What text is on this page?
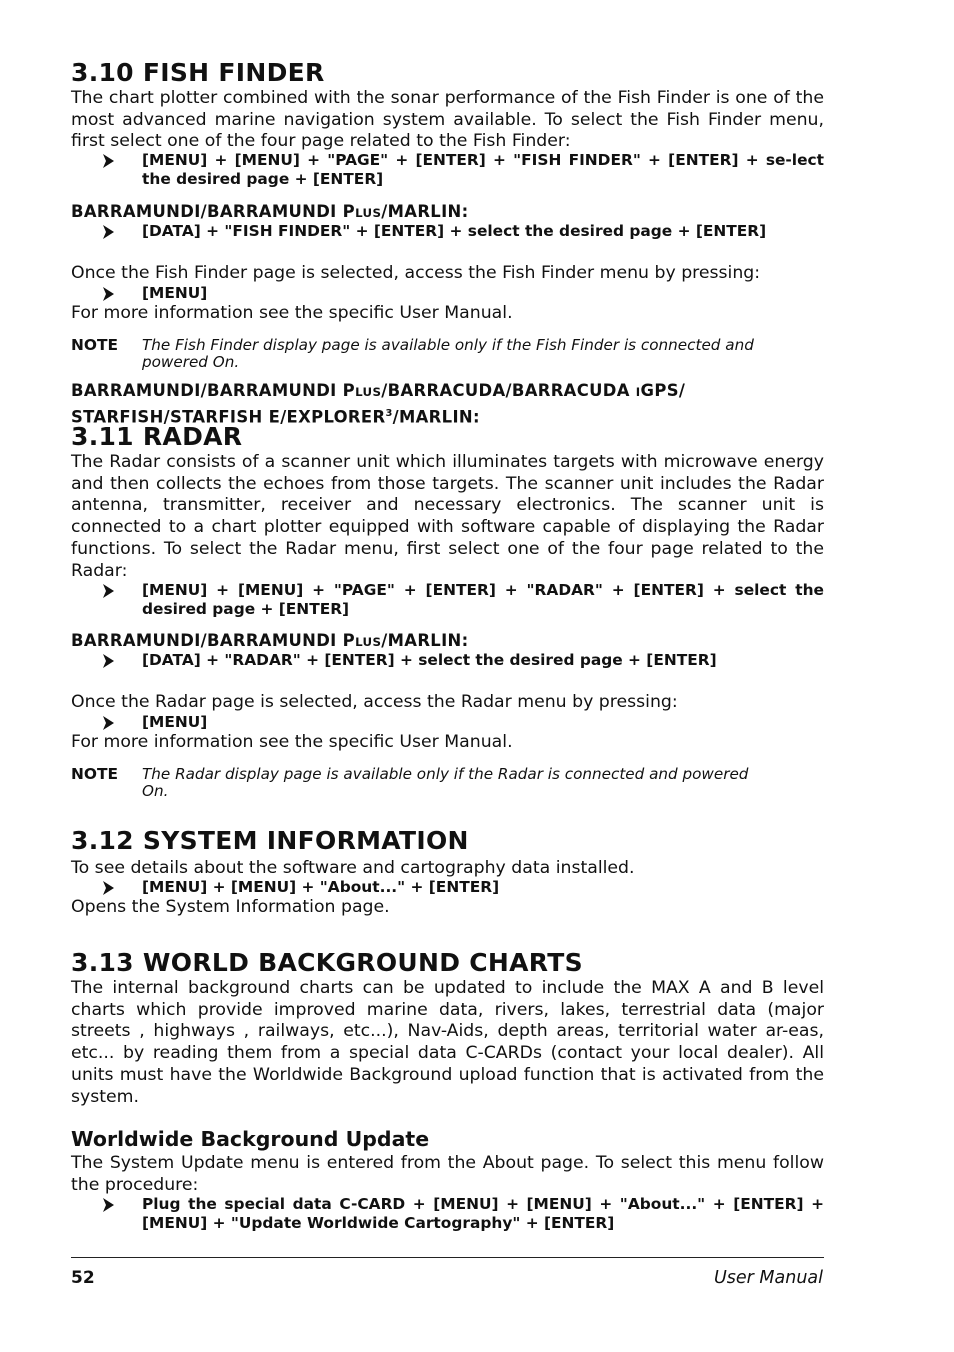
3.10 FISH FINDER
The chart plotter combined with the sonar performance of the Fish Finder is one of the most advanced marine navigation system available. To select the Fish Finder menu, first select one of the four page related to the Fish Finder:
[MENU] + [MENU] + "PAGE" + [ENTER] + "FISH FINDER" + [ENTER] + se-lect the desired page + [ENTER]
BARRAMUNDI/BARRAMUNDI PLUS/MARLIN:
[DATA] + "FISH FINDER" + [ENTER] + select the desired page + [ENTER]
Once the Fish Finder page is selected, access the Fish Finder menu by pressing:
[MENU]
For more information see the specific User Manual.
NOTE The Fish Finder display page is available only if the Fish Finder is connected and powered On.
BARRAMUNDI/BARRAMUNDI PLUS/BARRACUDA/BARRACUDA IGPS/ STARFISH/STARFISH E/EXPLORER$^3$/MARLIN:
3.11 RADAR
The Radar consists of a scanner unit which illuminates targets with microwave energy and then collects the echoes from those targets. The scanner unit includes the Radar antenna, transmitter, receiver and necessary electronics. The scanner unit is connected to a chart plotter equipped with software capable of displaying the Radar functions. To select the Radar menu, first select one of the four page related to the Radar:
[MENU] + [MENU] + "PAGE" + [ENTER] + "RADAR" + [ENTER] + select the desired page + [ENTER]
BARRAMUNDI/BARRAMUNDI PLUS/MARLIN:
[DATA] + "RADAR" + [ENTER] + select the desired page + [ENTER]
Once the Radar page is selected, access the Radar menu by pressing:
[MENU]
For more information see the specific User Manual.
NOTE The Radar display page is available only if the Radar is connected and powered On.
3.12 SYSTEM INFORMATION
To see details about the software and cartography data installed.
[MENU] + [MENU] + "About..." + [ENTER]
Opens the System Information page.
3.13 WORLD BACKGROUND CHARTS
The internal background charts can be updated to include the MAX A and B level charts which provide improved marine data, rivers, lakes, terrestrial data (major streets , highways , railways, etc...), Nav-Aids, depth areas, territorial water ar-eas, etc... by reading them from a special data C-CARDs (contact your local dealer). All units must have the Worldwide Background upload function that is activated from the system.
Worldwide Background Update
The System Update menu is entered from the About page. To select this menu follow the procedure:
Plug the special data C-CARD + [MENU] + [MENU] + "About..." + [ENTER] + [MENU] + "Update Worldwide Cartography" + [ENTER]
52	User Manual
